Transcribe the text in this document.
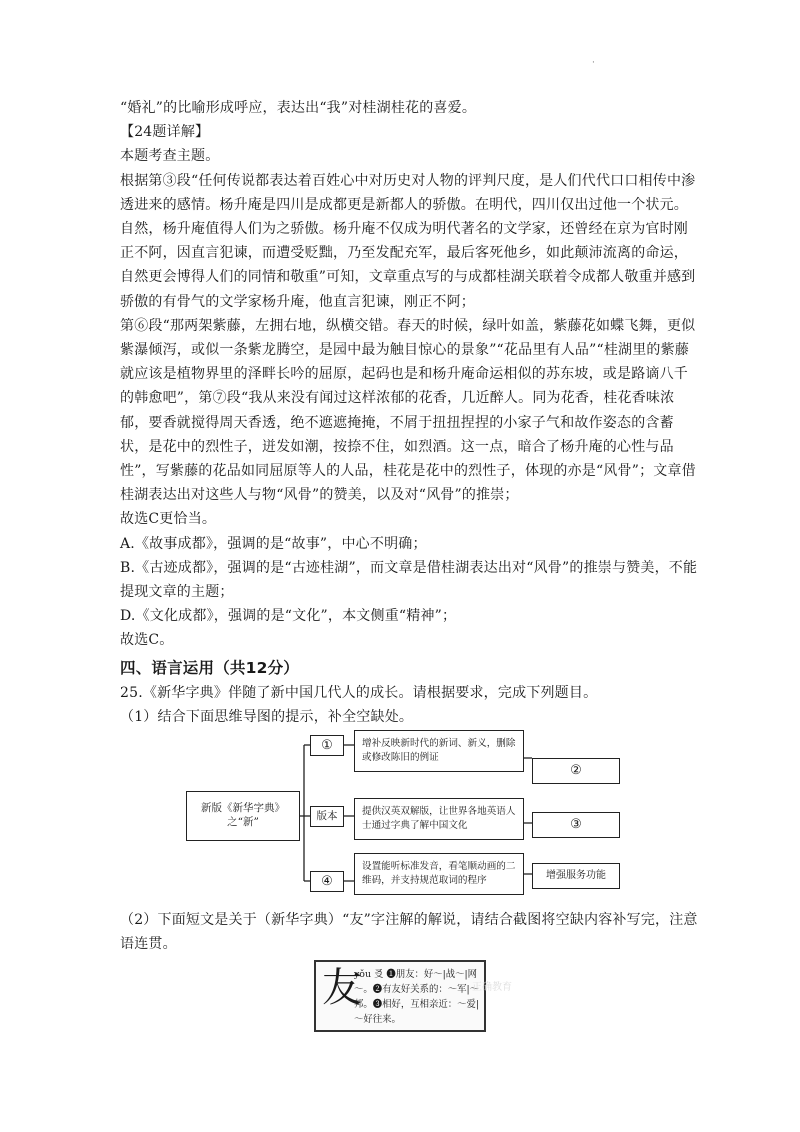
·

“婚礼”的比喻形成呼应，表达出“我”对桂湖桂花的喜爱。

【24题详解】

本题考查主题。

根据第③段“任何传说都表达着百姓心中对历史对人物的评判尺度，是人们代代口口相传中渗透进来的感情。杨升庵是四川是成都更是新都人的骄傲。在明代，四川仅出过他一个状元。自然，杨升庵值得人们为之骄傲。杨升庵不仅成为明代著名的文学家，还曾经在京为官时刚正不阿，因直言犯谏，而遭受贬黜，乃至发配充军，最后客死他乡，如此颠沛流离的命运，自然更会博得人们的同情和敬重”可知，文章重点写的与成都桂湖关联着令成都人敬重并感到骄傲的有骨气的文学家杨升庵，他直言犯谏，刚正不阿；

第⑥段“那两架紫藤，左拥右地，纵横交错。春天的时候，绿叶如盖，紫藤花如蝶飞舞，更似紫瀑倾泻，或似一条紫龙腾空，是园中最为触目惊心的景象”“花品里有人品”“桂湖里的紫藤就应该是植物界里的泽畔长吟的屈原，起码也是和杨升庵命运相似的苏东坡，或是路谪八千的韩愈吧”，第⑦段“我从来没有闻过这样浓郁的花香，几近醉人。同为花香，桂花香味浓郁，要香就搅得周天香透，绝不遮遮掩掩，不屑于扭扭捏捏的小家子气和故作姿态的含蓄状，是花中的烈性子，迸发如潮，按捺不住，如烈酒。这一点，暗合了杨升庵的心性与品性”，写紫藤的花品如同屈原等人的人品，桂花是花中的烈性子，体现的亦是“风骨”；文章借桂湖表达出对这些人与物“风骨”的赞美，以及对“风骨”的推崇；

故选C更恰当。

A.《故事成都》，强调的是“故事”，中心不明确；

B.《古迹成都》，强调的是“古迹桂湖”，而文章是借桂湖表达出对“风骨”的推崇与赞美，不能提现文章的主题；

D.《文化成都》，强调的是“文化”，本文侧重“精神”；

故选C。

四、语言运用（共12分）

25.《新华字典》伴随了新中国几代人的成长。请根据要求，完成下列题目。

（1）结合下面思维导图的提示，补全空缺处。

新版《新华字典》
之“新”
①
版本
④
增补反映新时代的新词、新义，删除或修改陈旧的例证
提供汉英双解版，让世界各地英语人士通过字典了解中国文化
设置能听标准发音，看笔顺动画的二维码，并支持规范取词的程序
②
③
增强服务功能

（2）下面短文是关于（新华字典）“友”字注解的解说，请结合截图将空缺内容补写完，注意语连贯。

友
yǒu 㕛 ❶朋友：好～|战～|网～。❷有友好关系的：～军|～邦。❸相好，互相亲近：～爱|～好往来。
正确教育
